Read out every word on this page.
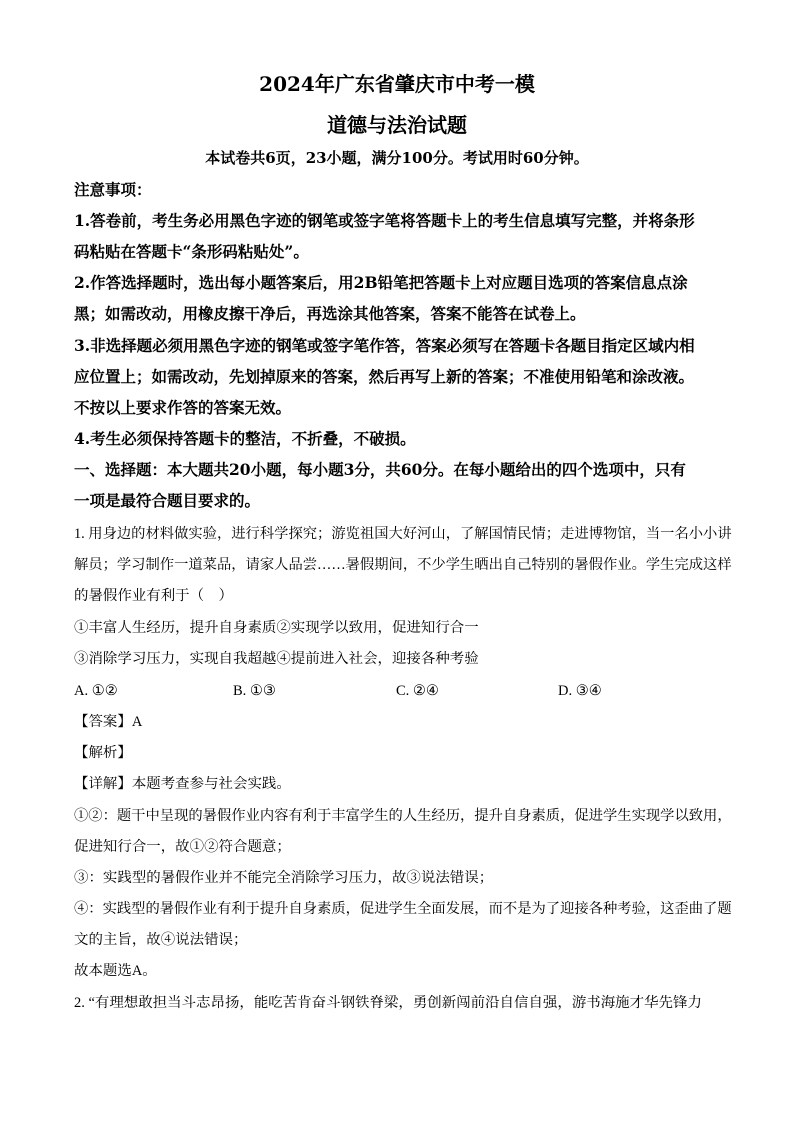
2024年广东省肇庆市中考一模
道德与法治试题
本试卷共6页，23小题，满分100分。考试用时60分钟。
注意事项：
1.答卷前，考生务必用黑色字迹的钢笔或签字笔将答题卡上的考生信息填写完整，并将条形
码粘贴在答题卡“条形码粘贴处”。
2.作答选择题时，选出每小题答案后，用2B铅笔把答题卡上对应题目选项的答案信息点涂
黑；如需改动，用橡皮擦干净后，再选涂其他答案，答案不能答在试卷上。
3.非选择题必须用黑色字迹的钢笔或签字笔作答，答案必须写在答题卡各题目指定区域内相
应位置上；如需改动，先划掉原来的答案，然后再写上新的答案；不准使用铅笔和涂改液。
不按以上要求作答的答案无效。
4.考生必须保持答题卡的整洁，不折叠，不破损。
一、选择题：本大题共20小题，每小题3分，共60分。在每小题给出的四个选项中，只有
一项是最符合题目要求的。
1. 用身边的材料做实验，进行科学探究；游览祖国大好河山，了解国情民情；走进博物馆，当一名小小讲
解员；学习制作一道菜品，请家人品尝……暑假期间，不少学生晒出自己特别的暑假作业。学生完成这样
的暑假作业有利于（　）
①丰富人生经历，提升自身素质②实现学以致用，促进知行合一
③消除学习压力，实现自我超越④提前进入社会，迎接各种考验
A. ①②	B. ①③	C. ②④	D. ③④
【答案】A
【解析】
【详解】本题考查参与社会实践。
①②：题干中呈现的暑假作业内容有利于丰富学生的人生经历，提升自身素质，促进学生实现学以致用，
促进知行合一，故①②符合题意；
③：实践型的暑假作业并不能完全消除学习压力，故③说法错误；
④：实践型的暑假作业有利于提升自身素质，促进学生全面发展，而不是为了迎接各种考验，这歪曲了题
文的主旨，故④说法错误；
故本题选A。
2. “有理想敢担当斗志昂扬，能吃苦肯奋斗钢铁脊梁，勇创新闯前沿自信自强，游书海施才华先锋力
